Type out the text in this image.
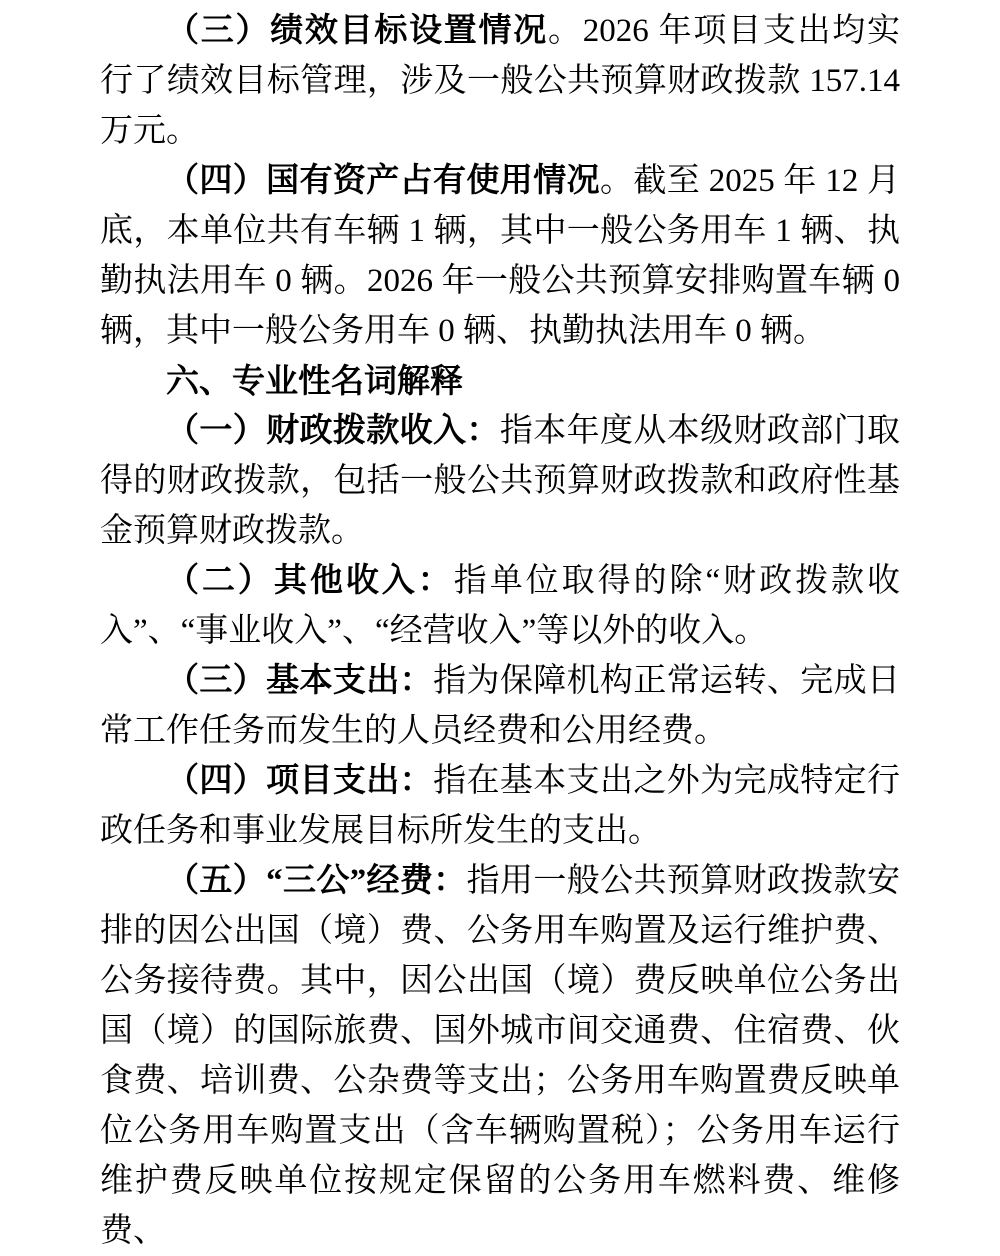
（三）绩效目标设置情况。2026 年项目支出均实行了绩效目标管理，涉及一般公共预算财政拨款 157.14 万元。

（四）国有资产占有使用情况。截至 2025 年 12 月底，本单位共有车辆 1 辆，其中一般公务用车 1 辆、执勤执法用车 0 辆。2026 年一般公共预算安排购置车辆 0 辆，其中一般公务用车 0 辆、执勤执法用车 0 辆。

六、专业性名词解释

（一）财政拨款收入：指本年度从本级财政部门取得的财政拨款，包括一般公共预算财政拨款和政府性基金预算财政拨款。

（二）其他收入：指单位取得的除“财政拨款收入”、“事业收入”、“经营收入”等以外的收入。

（三）基本支出：指为保障机构正常运转、完成日常工作任务而发生的人员经费和公用经费。

（四）项目支出：指在基本支出之外为完成特定行政任务和事业发展目标所发生的支出。

（五）“三公”经费：指用一般公共预算财政拨款安排的因公出国（境）费、公务用车购置及运行维护费、公务接待费。其中，因公出国（境）费反映单位公务出国（境）的国际旅费、国外城市间交通费、住宿费、伙食费、培训费、公杂费等支出；公务用车购置费反映单位公务用车购置支出（含车辆购置税）；公务用车运行维护费反映单位按规定保留的公务用车燃料费、维修费、
